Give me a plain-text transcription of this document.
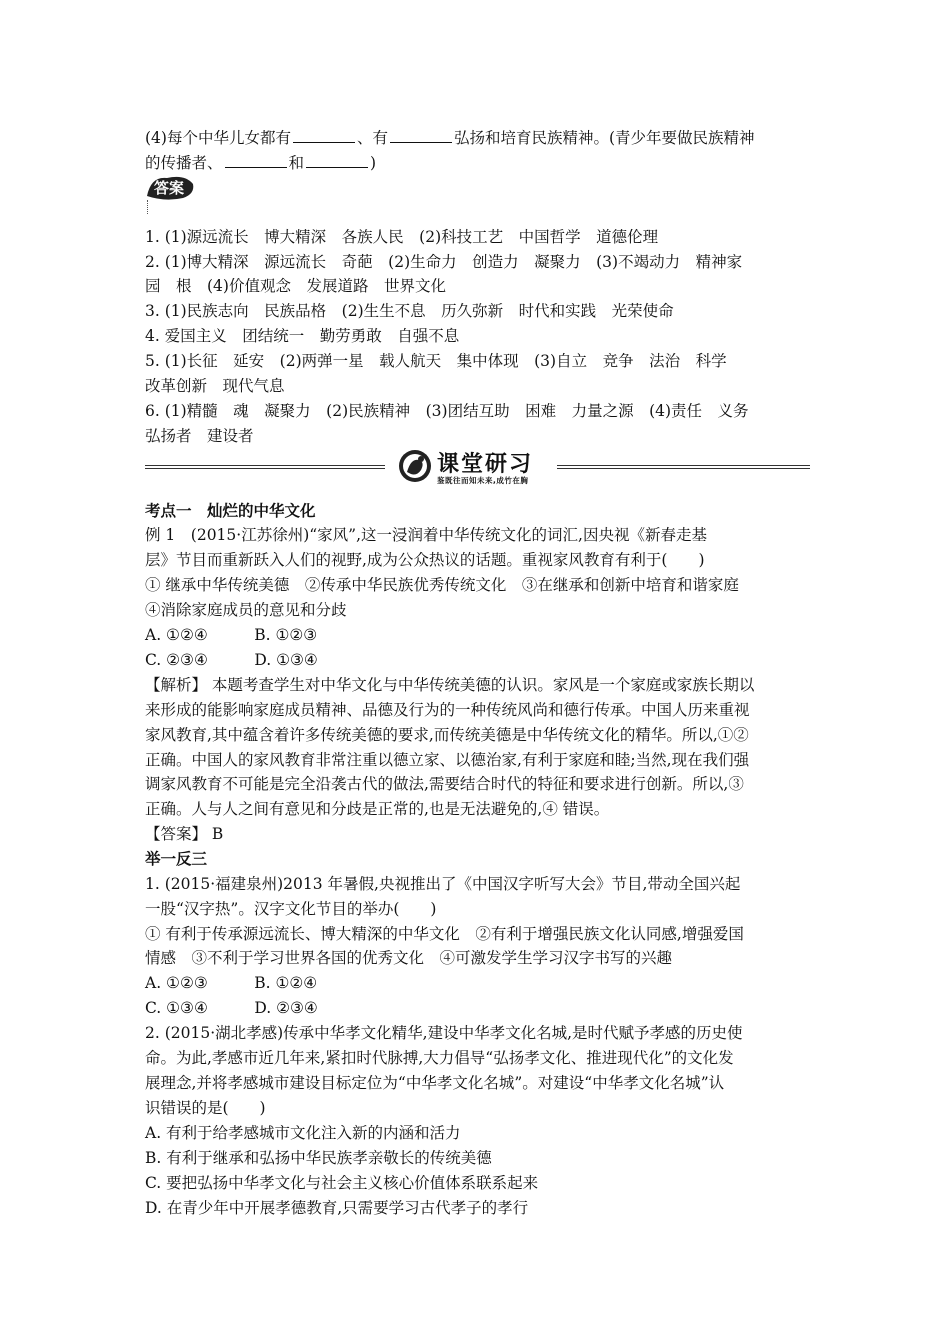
(4)每个中华儿女都有	、有	弘扬和培育民族精神。(青少年要做民族精神
的传播者、	和	)
答案
1. (1)源远流长　博大精深　各族人民　(2)科技工艺　中国哲学　道德伦理
2. (1)博大精深　源远流长　奇葩　(2)生命力　创造力　凝聚力　(3)不竭动力　精神家
园　根　(4)价值观念　发展道路　世界文化
3. (1)民族志向　民族品格　(2)生生不息　历久弥新　时代和实践　光荣使命
4. 爱国主义　团结统一　勤劳勇敢　自强不息
5. (1)长征　延安　(2)两弹一星　载人航天　集中体现　(3)自立　竞争　法治　科学
改革创新　现代气息
6. (1)精髓　魂　凝聚力　(2)民族精神　(3)团结互助　困难　力量之源　(4)责任　义务
弘扬者　建设者
课堂研习
鉴既往而知未来,成竹在胸
考点一　灿烂的中华文化
例 1　(2015·江苏徐州)“家风”,这一浸润着中华传统文化的词汇,因央视《新春走基
层》节目而重新跃入人们的视野,成为公众热议的话题。重视家风教育有利于(　　)
① 继承中华传统美德　②传承中华民族优秀传统文化　③在继承和创新中培育和谐家庭
④消除家庭成员的意见和分歧
A. ①②④　　　B. ①②③
C. ②③④　　　D. ①③④
【解析】 本题考查学生对中华文化与中华传统美德的认识。家风是一个家庭或家族长期以
来形成的能影响家庭成员精神、品德及行为的一种传统风尚和德行传承。中国人历来重视
家风教育,其中蕴含着许多传统美德的要求,而传统美德是中华传统文化的精华。所以,①②
正确。中国人的家风教育非常注重以德立家、以德治家,有利于家庭和睦;当然,现在我们强
调家风教育不可能是完全沿袭古代的做法,需要结合时代的特征和要求进行创新。所以,③
正确。人与人之间有意见和分歧是正常的,也是无法避免的,④ 错误。
【答案】 B
举一反三
1. (2015·福建泉州)2013 年暑假,央视推出了《中国汉字听写大会》节目,带动全国兴起
一股“汉字热”。汉字文化节目的举办(　　)
① 有利于传承源远流长、博大精深的中华文化　②有利于增强民族文化认同感,增强爱国
情感　③不利于学习世界各国的优秀文化　④可激发学生学习汉字书写的兴趣
A. ①②③　　　B. ①②④
C. ①③④　　　D. ②③④
2. (2015·湖北孝感)传承中华孝文化精华,建设中华孝文化名城,是时代赋予孝感的历史使
命。为此,孝感市近几年来,紧扣时代脉搏,大力倡导“弘扬孝文化、推进现代化”的文化发
展理念,并将孝感城市建设目标定位为“中华孝文化名城”。对建设“中华孝文化名城”认
识错误的是(　　)
A. 有利于给孝感城市文化注入新的内涵和活力
B. 有利于继承和弘扬中华民族孝亲敬长的传统美德
C. 要把弘扬中华孝文化与社会主义核心价值体系联系起来
D. 在青少年中开展孝德教育,只需要学习古代孝子的孝行
